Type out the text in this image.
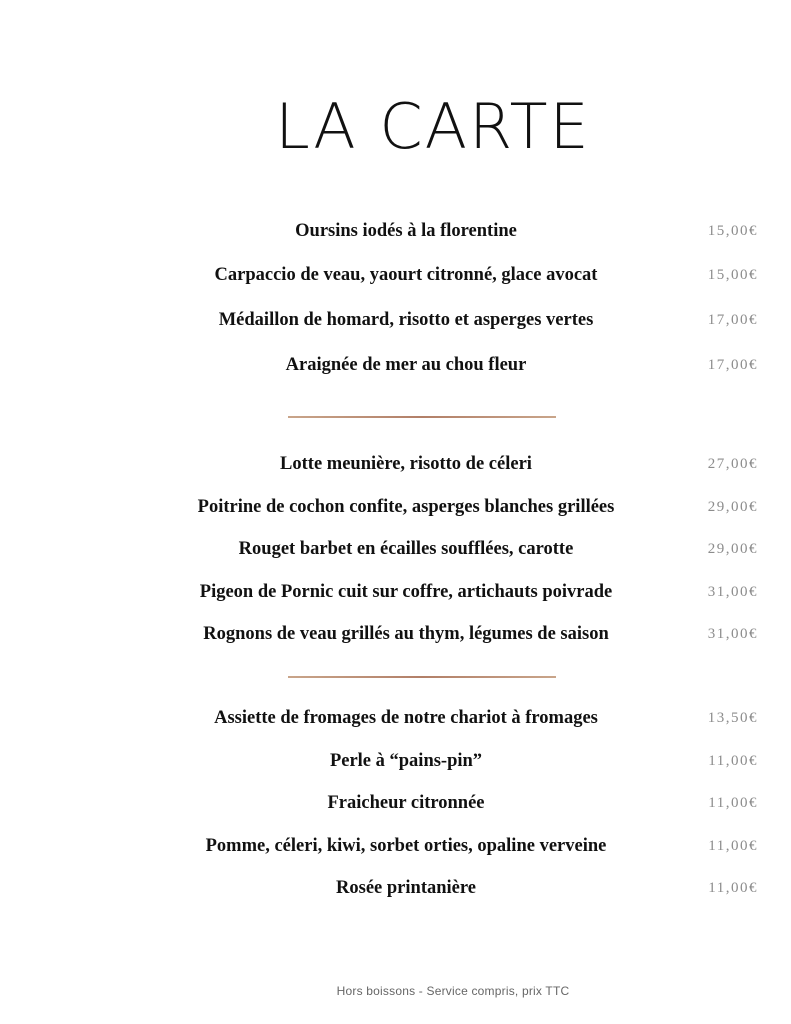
LA CARTE
Oursins iodés à la florentine	15,00€
Carpaccio de veau, yaourt citronné, glace avocat	15,00€
Médaillon de homard, risotto et asperges vertes	17,00€
Araignée de mer au chou fleur	17,00€
Lotte meunière, risotto de céleri	27,00€
Poitrine de cochon confite, asperges blanches grillées	29,00€
Rouget barbet en écailles soufflées, carotte	29,00€
Pigeon de Pornic cuit sur coffre, artichauts poivrade	31,00€
Rognons de veau grillés au thym, légumes de saison	31,00€
Assiette de fromages de notre chariot à fromages	13,50€
Perle à “pains-pin”	11,00€
Fraicheur citronnée	11,00€
Pomme, céleri, kiwi, sorbet orties, opaline verveine	11,00€
Rosée printanière	11,00€
Hors boissons - Service compris, prix TTC
